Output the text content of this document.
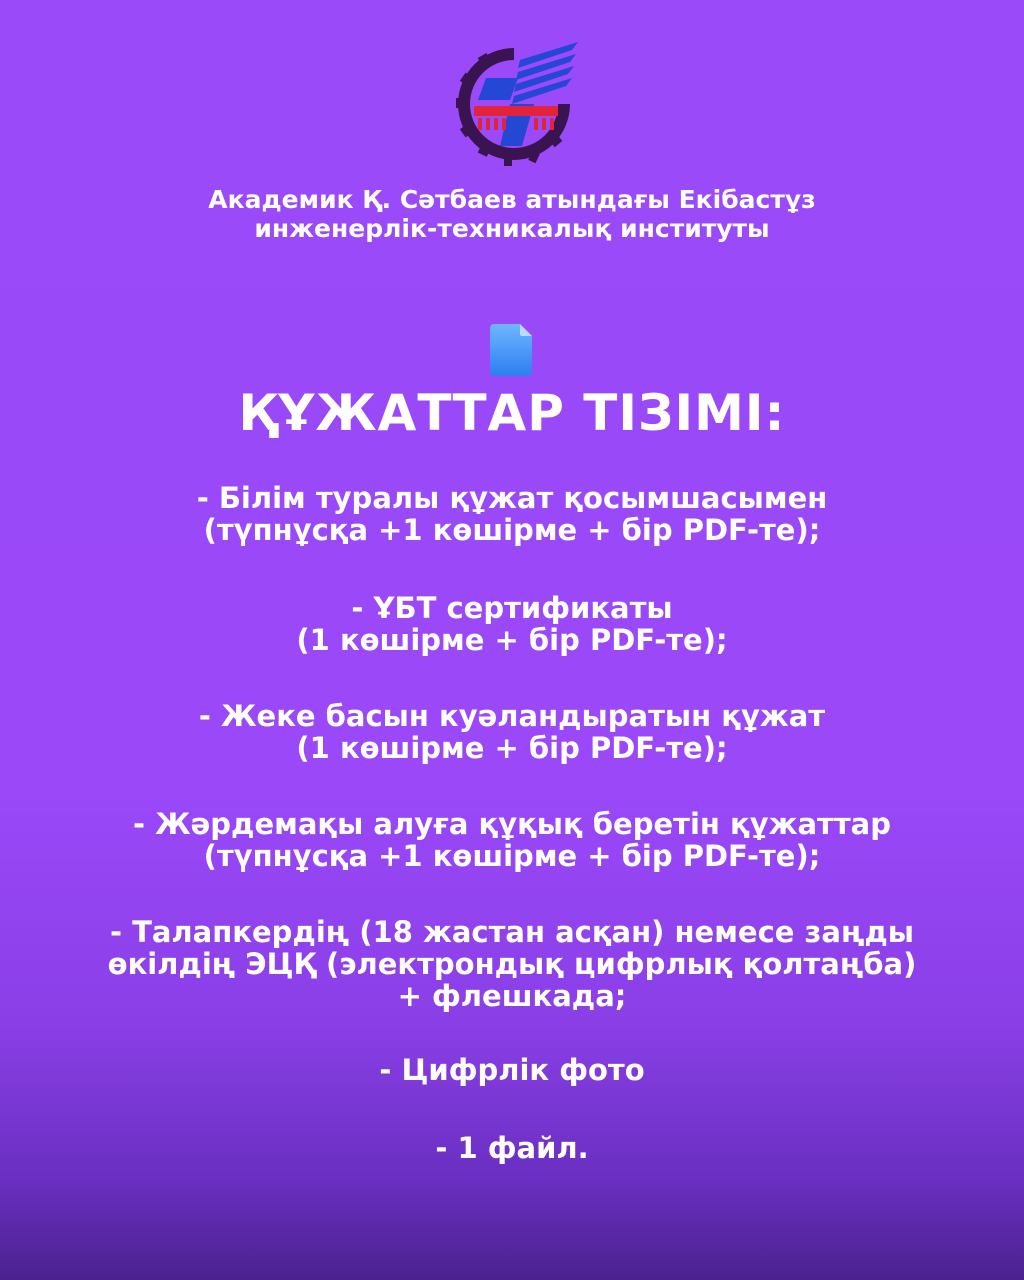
Академик Қ. Сәтбаев атындағы Екібастұз
инженерлік-техникалық институты
ҚҰЖАТТАР ТІЗІМІ:
- Білім туралы құжат қосымшасымен
(түпнұсқа +1 көшірме + бір PDF-те);
- ҰБТ сертификаты
(1 көшірме + бір PDF-те);
- Жеке басын куәландыратын құжат
(1 көшірме + бір PDF-те);
- Жәрдемақы алуға құқық беретін құжаттар
(түпнұсқа +1 көшірме + бір PDF-те);
- Талапкердің (18 жастан асқан) немесе заңды
өкілдің ЭЦҚ (электрондық цифрлық қолтаңба)
+ флешкада;
- Цифрлік фото
- 1 файл.
